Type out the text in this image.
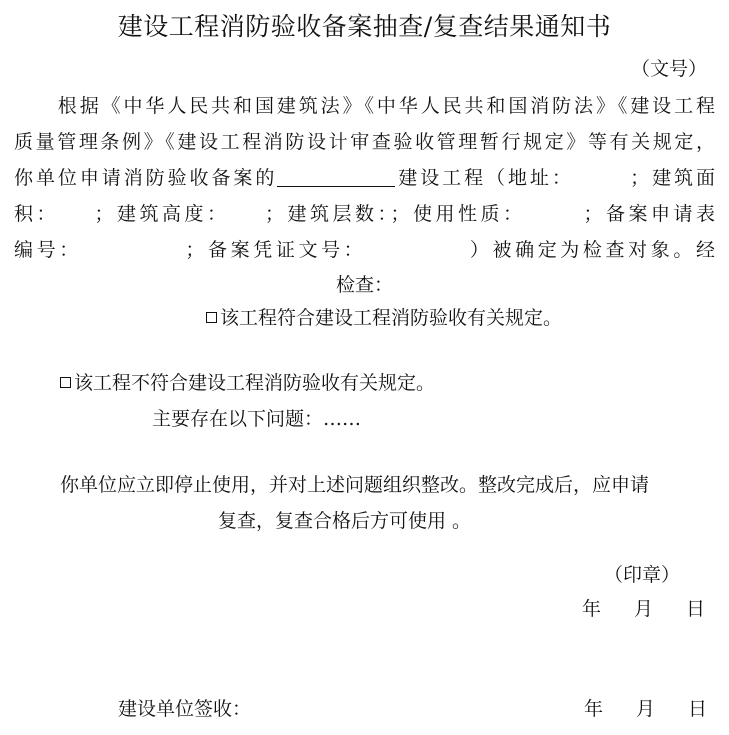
建设工程消防验收备案抽查/复查结果通知书
（文号）
　　根据《中华人民共和国建筑法》《中华人民共和国消防法》《建设工程
质量管理条例》《建设工程消防设计审查验收管理暂行规定》等有关规定，
你单位申请消防验收备案的	建设工程（地址：　　　；建筑面
积：　　；建筑高度：　　；建筑层数：；使用性质：　　　；备案申请表
编号：　　　　　；备案凭证文号：　　　　　）被确定为检查对象。经
检查：
该工程符合建设工程消防验收有关规定。
该工程不符合建设工程消防验收有关规定。
主要存在以下问题：……
你单位应立即停止使用，并对上述问题组织整改。整改完成后，应申请
复查，复查合格后方可使用 。
（印章）
年 月 日
建设单位签收：	年 月 日
